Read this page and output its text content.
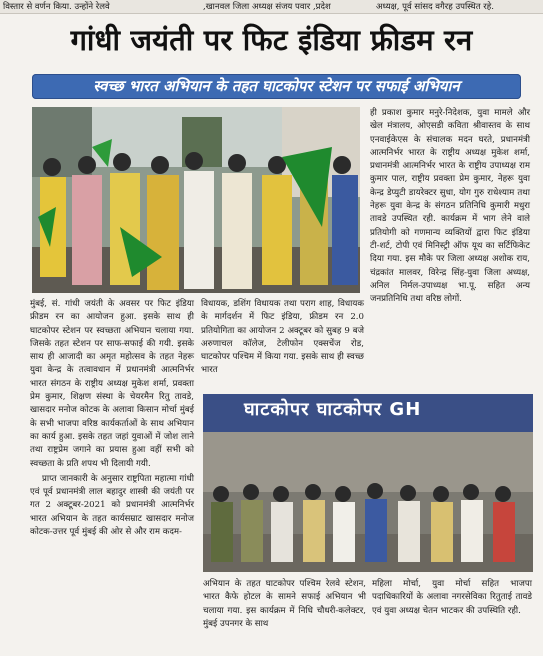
विस्तार से वर्णन किया. उन्होंने रेलवे	,खानवल जिला अध्यक्ष संजय पवार ,प्रदेश	अध्यक्ष, पूर्व सांसद वगैरह उपस्थित रहे.
गांधी जयंती पर फिट इंडिया फ्रीडम रन
स्वच्छ भारत अभियान के तहत घाटकोपर स्टेशन पर सफाई अभियान

ही प्रकाश कुमार मनुरे-निदेशक, युवा मामले और खेल मंत्रालय, ओएसडी कविता श्रीवास्तव के साथ एनवाईकेएस के संचालक मदन घरते, प्रधानमंत्री आत्मनिर्भर भारत के राष्ट्रीय अध्यक्ष मुकेश शर्मा, प्रधानमंत्री आत्मनिर्भर भारत के राष्ट्रीय उपाध्यक्ष राम कुमार पाल, राष्ट्रीय प्रवक्ता प्रेम कुमार, नेहरू युवा केन्द्र डेप्युटी डायरेक्टर सुधा, योग गुरु राधेश्याम तथा नेहरू युवा केन्द्र के संगठन प्रतिनिधि कुमारी मधुरा तावडे उपस्थित रही. कार्यक्रम में भाग लेने वाले प्रतियोगी को गणमान्य व्यक्तियों द्वारा फिट इंडिया टी-शर्ट, टोपी एवं मिनिस्ट्री ऑफ यूथ का सर्टिफिकेट दिया गया. इस मौके पर जिला अध्यक्ष अशोक राय, चंद्रकांत मालवर, विरेन्द्र सिंह-युवा जिला अध्यक्ष, अनिल निर्मल-उपाध्यक्ष भा.पू. सहित अन्य जनप्रतिनिधि तथा वरिष्ठ लोगों.

मुंबई, सं. गांधी जयंती के अवसर पर फिट इंडिया फ्रीडम रन का आयोजन हुआ. इसके साथ ही घाटकोपर स्टेशन पर स्वच्छता अभियान चलाया गया. जिसके तहत स्टेशन पर साफ-सफाई की गयी. इसके साथ ही आजादी का अमृत महोत्सव के तहत नेहरू युवा केन्द्र के तत्वावधान में प्रधानमंत्री आत्मनिर्भर भारत संगठन के राष्ट्रीय अध्यक्ष मुकेश शर्मा, प्रवक्ता प्रेम कुमार, शिक्षण संस्था के चेयरमैन रितु तावडे, खासदार मनोज कोटक के अलावा किसान मोर्चा मुंबई के सभी भाजपा वरिष्ठ कार्यकर्ताओं के साथ अभियान का कार्य हुआ. इसके तहत जहां युवाओं में जोश लाने तथा राष्ट्रप्रेम जगाने का प्रयास हुआ वहीं सभी को स्वच्छता के प्रति शपथ भी दिलायी गयी.

प्राप्त जानकारी के अनुसार राष्ट्रपिता महात्मा गांधी एवं पूर्व प्रधानमंत्री लाल बहादुर शास्त्री की जयंती पर गत 2 अक्टूबर-2021 को प्रधानमंत्री आत्मनिर्भर भारत अभियान के तहत कार्यसम्राट खासदार मनोज कोटक-उत्तर पूर्व मुंबई की ओर से और राम कदम-

विधायक, डशिंग विधायक तथा पराग शाह, विधायक के मार्गदर्शन में फिट इंडिया, फ्रीडम रन 2.0 प्रतियोगिता का आयोजन 2 अक्टूबर को सुबह 9 बजे अरुणाचल कॉलेज, टेलीफोन एक्सचेंज रोड, घाटकोपर पश्चिम में किया गया. इसके साथ ही स्वच्छ भारत

घाटकोपर घाटकोपर GH

अभियान के तहत घाटकोपर पश्चिम रेलवे स्टेशन, भारत कैफे होटल के सामने सफाई अभियान भी चलाया गया. इस कार्यक्रम में निधि चौधरी-कलेक्टर, मुंबई उपनगर के साथ

महिला मोर्चा, युवा मोर्चा सहित भाजपा पदाधिकारियों के अलावा नगरसेविका रितुताई तावडे एवं युवा अध्यक्ष चेतन भाटकर की उपस्थिति रही.
